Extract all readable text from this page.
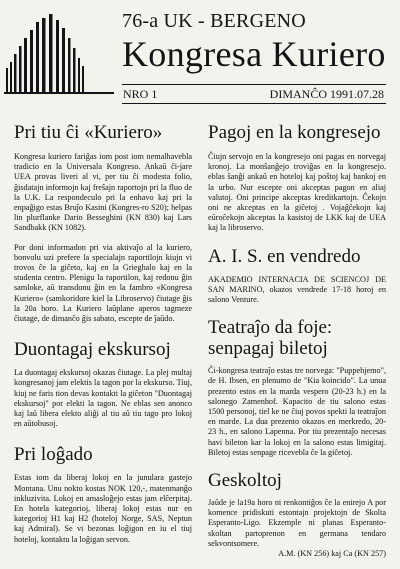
76-a UK - BERGENO
Kongresa Kuriero
NRO 1	DIMANĈO 1991.07.28
Pri tiu ĉi «Kuriero»

Kongresa kuriero fariĝas iom post iom nemalhavebla tradicio en la Universala Kongreso. Ankaŭ ĉi-jare UEA provas liveri al vi, per tiu ĉi modesta folio, ĝisdatajn informojn kaj freŝajn raportojn pri la fluo de la U.K. La respondeculo pri la enhavo kaj pri la enpaĝigo estas Bruĵo Kasini (Kongres-ro S20); helpas lin plurflanke Dario Besseghini (KN 830) kaj Lars Sandbakk (KN 1082).

Por doni informadon pri via aktivaĵo al la kuriero, bonvolu uzi prefere la specialajn raportilojn kiujn vi trovos ĉe la giĉeto, kaj en la Grieghalo kaj en la studenta centro. Plenigu la raportilon, kaj redonu ĝin samloke, aŭ transdonu ĝin en la fambro «Kongresa Kuriero» (samkoridore kiel la Libroservo) ĉiutage ĝis la 20a horo. La Kuriero laŭplane aperos tagmeze ĉiutage, de dimanĉo ĝis sabato, escepte de ĵaŭdo.

Duontagaj ekskursoj

La duontagaj ekskursoj okazas ĉiutage. La plej multaj kongresanoj jam elektis la tagon por la ekskurso. Tiuj, kiuj ne faris tion devas kontakti la giĉeton "Duontagaj ekskursoj" por elekti la tagon. Ne eblas sen anonco kaj laŭ libera elekto aliĝi al tiu aŭ tiu tago pro lokoj en aŭtobusoj.

Pri loĝado

Estas iom da liberaj lokoj en la junulara gastejo Montana. Unu nokto kostas NOK 120,-, matenmanĝo inkluzivita. Lokoj en amasloĝejo estas jam elĉerpitaj. En hotela kategorioj, liberaj lokoj estas nur en kategorioj H1 kaj H2 (hoteloj Norge, SAS, Neptun kaj Admiral). Se vi bezonas loĝigon en iu el tiuj hoteloj, kontaktu la loĝigan servon.

Pagoj en la kongresejo

Ĉiujn servojn en la kongresejo oni pagas en norvegaj kronoj. La monŝanĝejo troviĝas en la kongresejo. eblas ŝanĝi ankaŭ en hoteloj kaj poŝtoj kaj bankoj en la urbo. Nur escepte oni akceptas pagon en aliaj valutoj. Oni principe akceptas kreditkartojn. Ĉekojn oni ne akceptas en la giĉetoj . Vojaĝĉekojn kaj eŭroĉekojn akceptas la kasistoj de LKK kaj de UEA kaj la libroservo.

A. I. S. en vendredo

AKADEMIO INTERNACIA DE SCIENCOJ DE SAN MARINO, okazos vendrede 17-18 horoj en salono Venture.

Teatraĵo da foje: senpagaj biletoj

Ĉi-kongresa teatraĵo estas tre norvega: "Puppehjemo", de H. Ibsen, en plenumo de "Kia koincido". La unua prezento estos en la marda vespero (20-23 h.) en la salonego Zamenhof. Kapacito de tiu salono estas 1500 personoj, tiel ke ne ĉiuj povos spekti la teatraĵon en marde. La dua prezento okazos en merkredo, 20-23 h., en salono Lapenna. Por tiu prezentaĵo necesas havi bileton kar la lokoj en la salono estas limigitaj. Biletoj estas senpage ricevebla ĉe la giĉetoj.

Geskoltoj

Jaŭde je la19a horo ni renkontiĝos ĉe la enirejo A por komence pridiskuti estontajn projektojn de Skolta Esperanto-Ligo. Ekzemple ni planas Esperanto-skoltan partoprenon en germana tendaro sekvontsomere.

A.M. (KN 256) kaj Ca (KN 257)
